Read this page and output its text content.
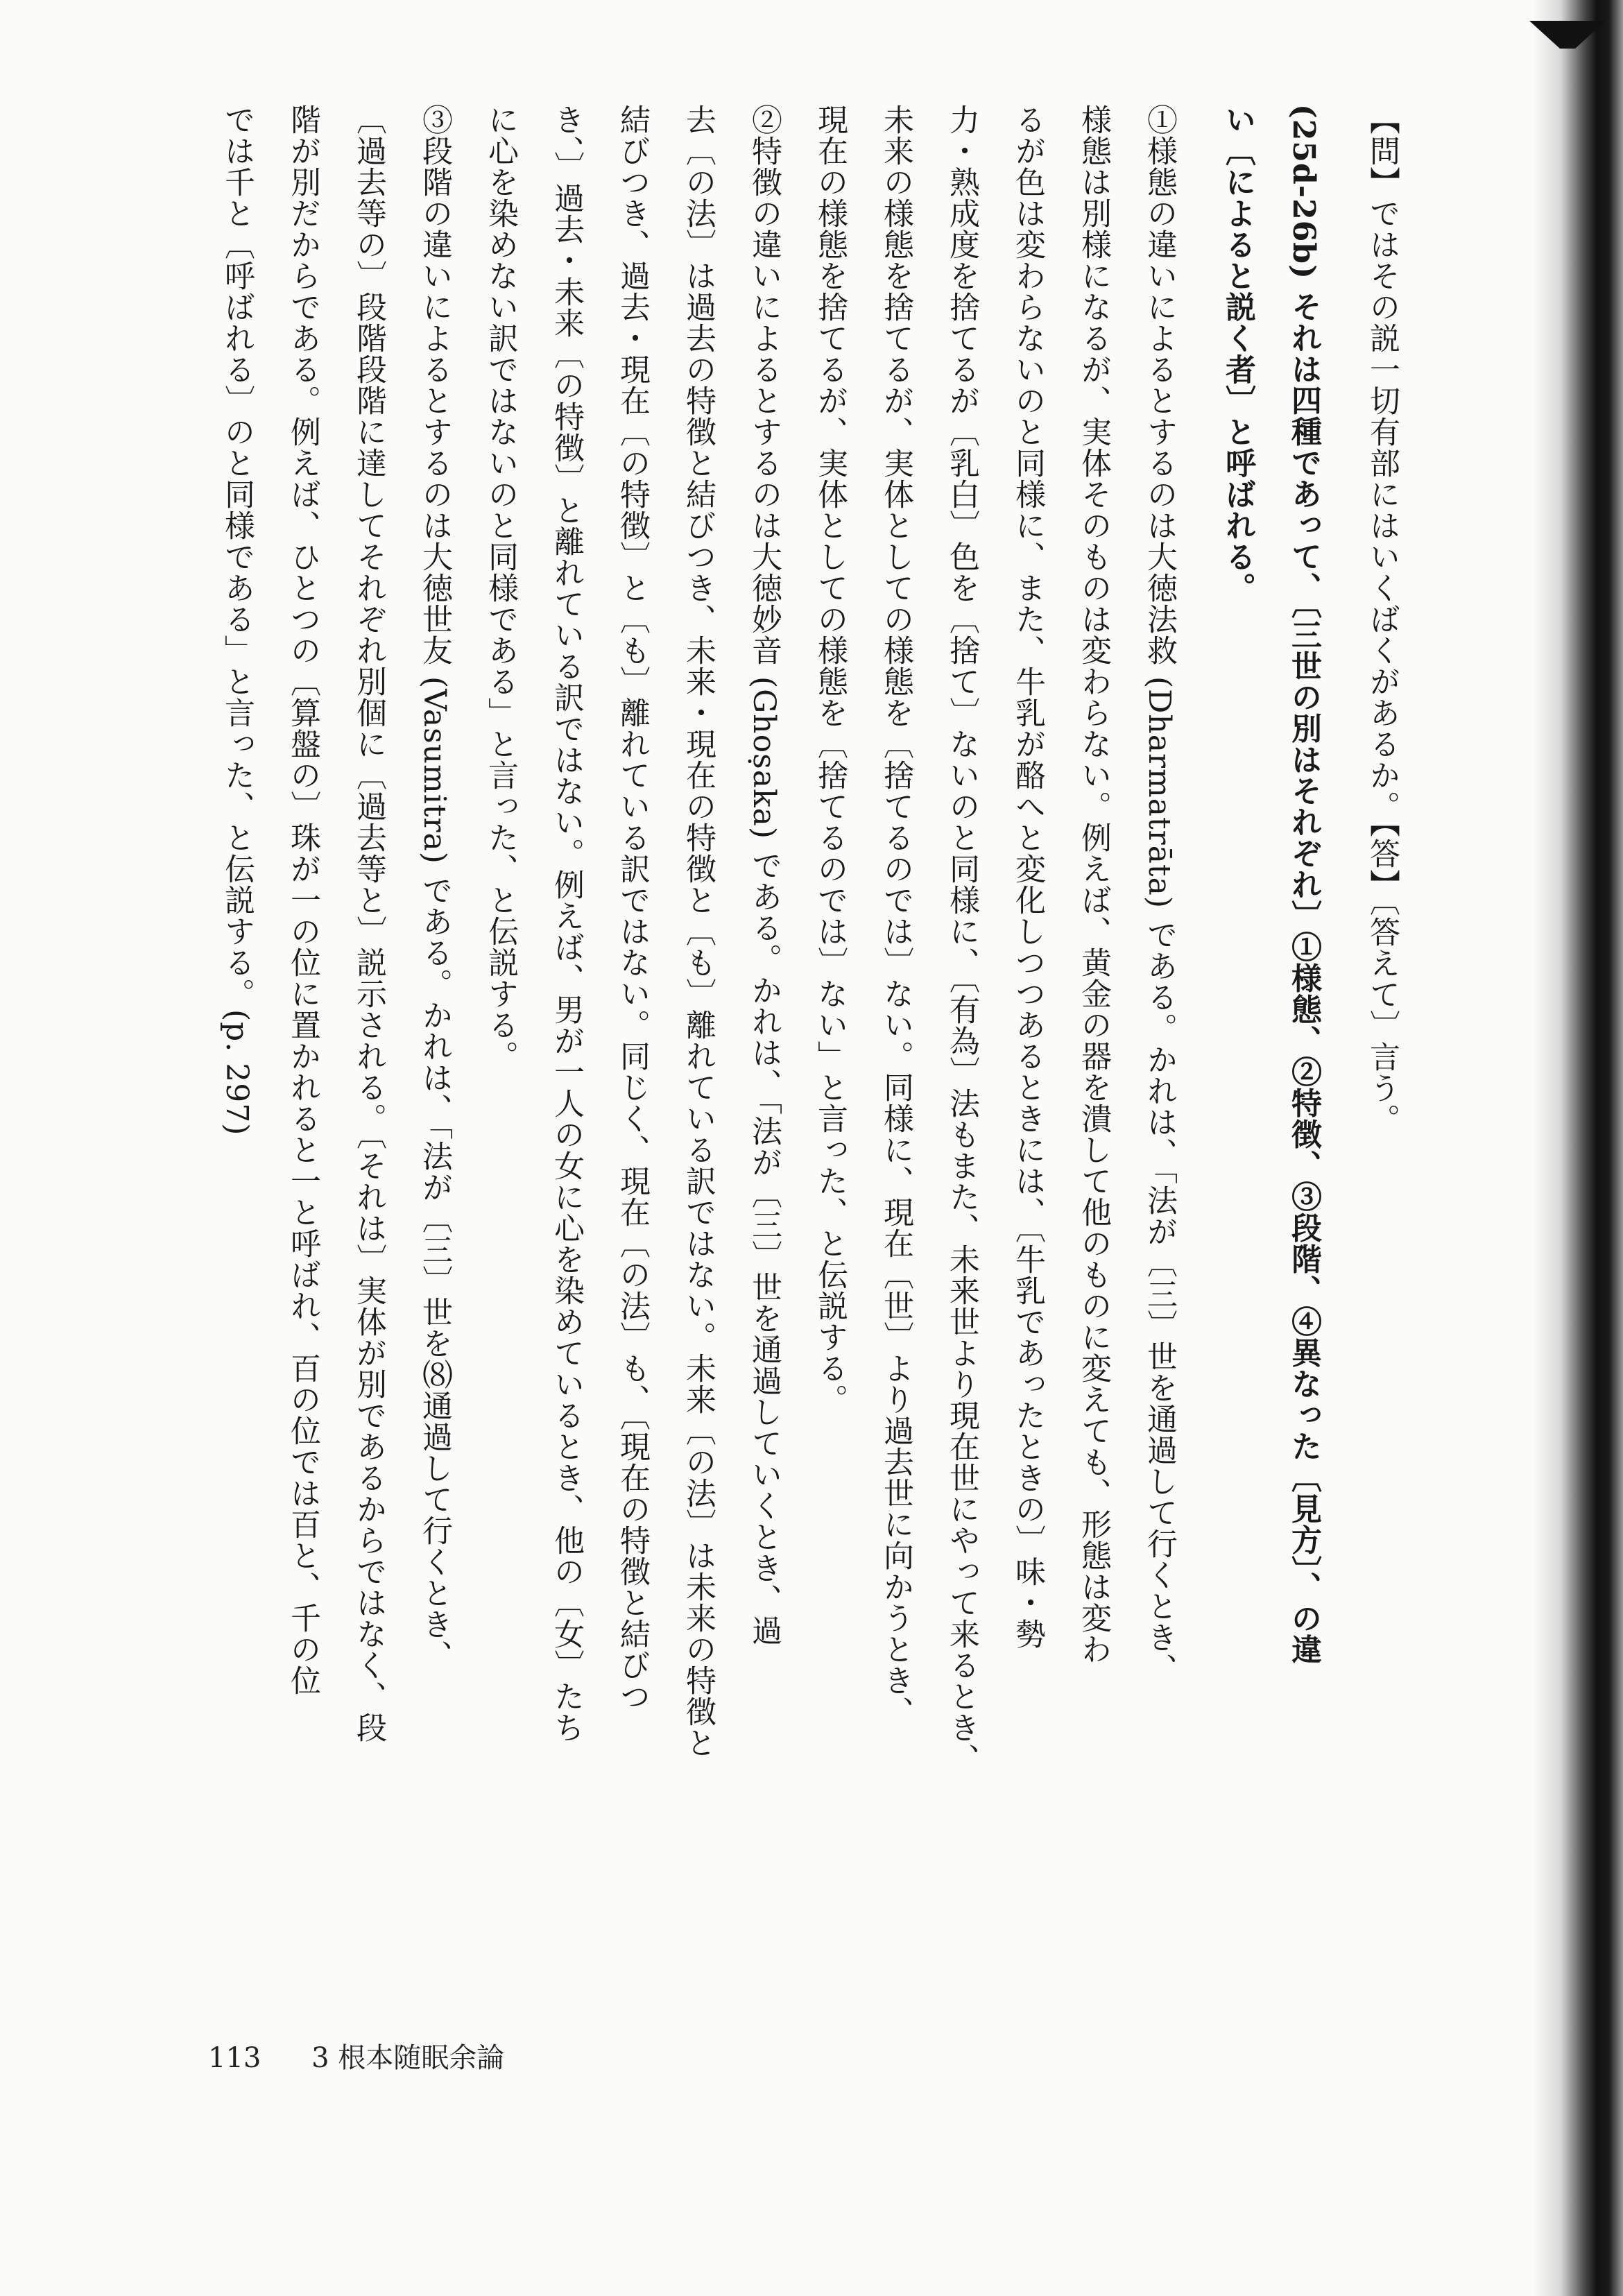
【問】ではその説一切有部にはいくばくがあるか。【答】〔答えて〕言う。
(25d-26b) それは四種であって、〔三世の別はそれぞれ〕①様態、②特徴、③段階、④異なった〔見方〕、の違
い〔によると説く者〕と呼ばれる。
①様態の違いによるとするのは大徳法救 (Dharmatrāta) である。かれは、「法が〔三〕世を通過して行くとき、
様態は別様になるが、実体そのものは変わらない。例えば、黄金の器を潰して他のものに変えても、形態は変わ
るが色は変わらないのと同様に、また、牛乳が酪へと変化しつつあるときには、〔牛乳であったときの〕味・勢
力・熟成度を捨てるが〔乳白〕色を〔捨て〕ないのと同様に、〔有為〕法もまた、未来世より現在世にやって来るとき、
未来の様態を捨てるが、実体としての様態を〔捨てるのでは〕ない。同様に、現在〔世〕より過去世に向かうとき、
現在の様態を捨てるが、実体としての様態を〔捨てるのでは〕ない」と言った、と伝説する。
②特徴の違いによるとするのは大徳妙音 (Ghoṣaka) である。かれは、「法が〔三〕世を通過していくとき、過
去〔の法〕は過去の特徴と結びつき、未来・現在の特徴と〔も〕離れている訳ではない。未来〔の法〕は未来の特徴と
結びつき、過去・現在〔の特徴〕と〔も〕離れている訳ではない。同じく、現在〔の法〕も、〔現在の特徴と結びつ
き、〕過去・未来〔の特徴〕と離れている訳ではない。例えば、男が一人の女に心を染めているとき、他の〔女〕たち
に心を染めない訳ではないのと同様である」と言った、と伝説する。
③段階の違いによるとするのは大徳世友 (Vasumitra) である。かれは、「法が〔三〕世を⑻通過して行くとき、
〔過去等の〕段階段階に達してそれぞれ別個に〔過去等と〕説示される。〔それは〕実体が別であるからではなく、段
階が別だからである。例えば、ひとつの〔算盤の〕珠が一の位に置かれると一と呼ばれ、百の位では百と、千の位
では千と〔呼ばれる〕のと同様である」と言った、と伝説する。(p. 297)
113 3 根本随眠余論
